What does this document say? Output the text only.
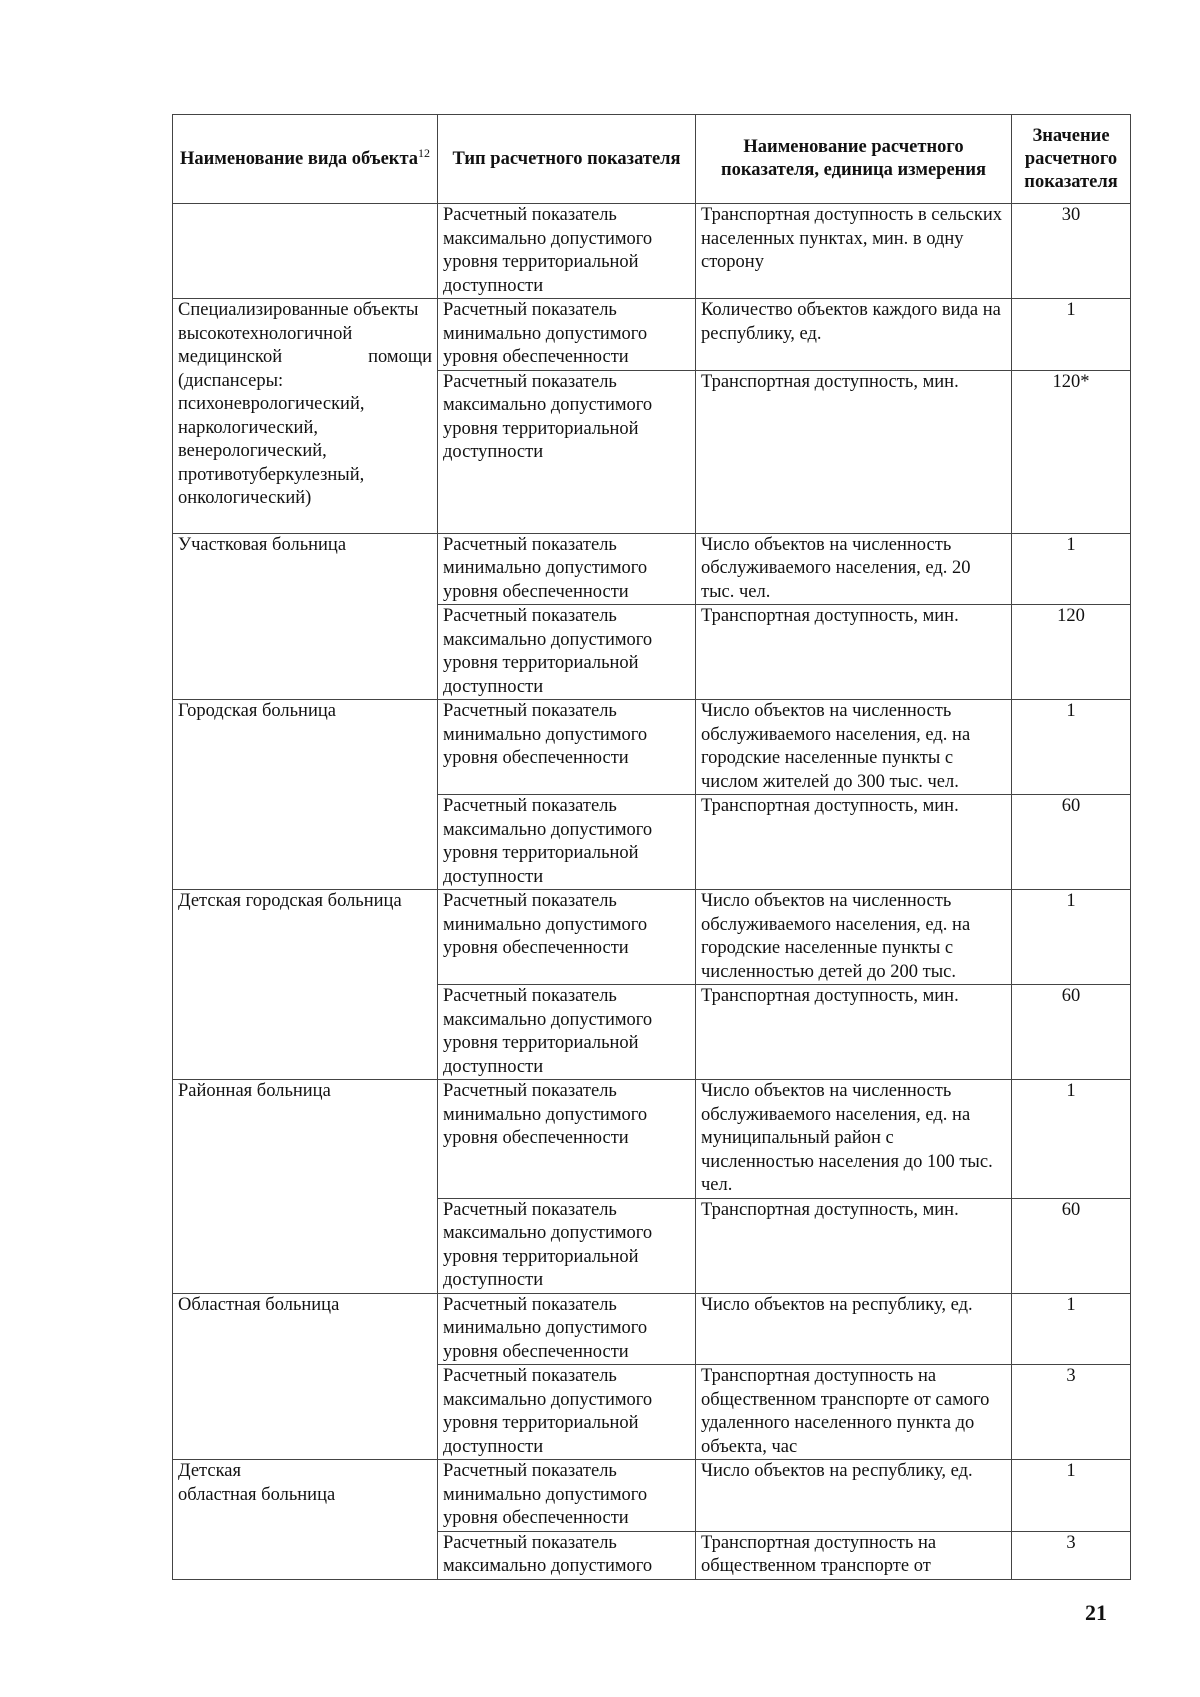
Наименование вида объекта$^{12}$	Тип расчетного показателя	Наименование расчетного показателя, единица измерения	Значение расчетного показателя
	Расчетный показатель максимально допустимого уровня территориальной доступности	Транспортная доступность в сельских населенных пунктах, мин. в одну сторону	30
Специализированные объекты высокотехнологичной
медицинской помощи
(диспансеры: психоневрологический, наркологический, венерологический, противотуберкулезный, онкологический)	Расчетный показатель минимально допустимого уровня обеспеченности	Количество объектов каждого вида на республику, ед.	1
	Расчетный показатель максимально допустимого уровня территориальной доступности	Транспортная доступность, мин.	120*
Участковая больница	Расчетный показатель минимально допустимого уровня обеспеченности	Число объектов на численность обслуживаемого населения, ед. 20 тыс. чел.	1
	Расчетный показатель максимально допустимого уровня территориальной доступности	Транспортная доступность, мин.	120
Городская больница	Расчетный показатель минимально допустимого уровня обеспеченности	Число объектов на численность обслуживаемого населения, ед. на городские населенные пункты с числом жителей до 300 тыс. чел.	1
	Расчетный показатель максимально допустимого уровня территориальной доступности	Транспортная доступность, мин.	60
Детская городская больница	Расчетный показатель минимально допустимого уровня обеспеченности	Число объектов на численность обслуживаемого населения, ед. на городские населенные пункты с численностью детей до 200 тыс.	1
	Расчетный показатель максимально допустимого уровня территориальной доступности	Транспортная доступность, мин.	60
Районная больница	Расчетный показатель минимально допустимого уровня обеспеченности	Число объектов на численность обслуживаемого населения, ед. на муниципальный район с численностью населения до 100 тыс. чел.	1
	Расчетный показатель максимально допустимого уровня территориальной доступности	Транспортная доступность, мин.	60
Областная больница	Расчетный показатель минимально допустимого уровня обеспеченности	Число объектов на республику, ед.	1
	Расчетный показатель максимально допустимого уровня территориальной доступности	Транспортная доступность на общественном транспорте от самого удаленного населенного пункта до объекта, час	3
Детская
областная больница	Расчетный показатель минимально допустимого уровня обеспеченности	Число объектов на республику, ед.	1
	Расчетный показатель максимально допустимого	Транспортная доступность на общественном транспорте от	3
21
